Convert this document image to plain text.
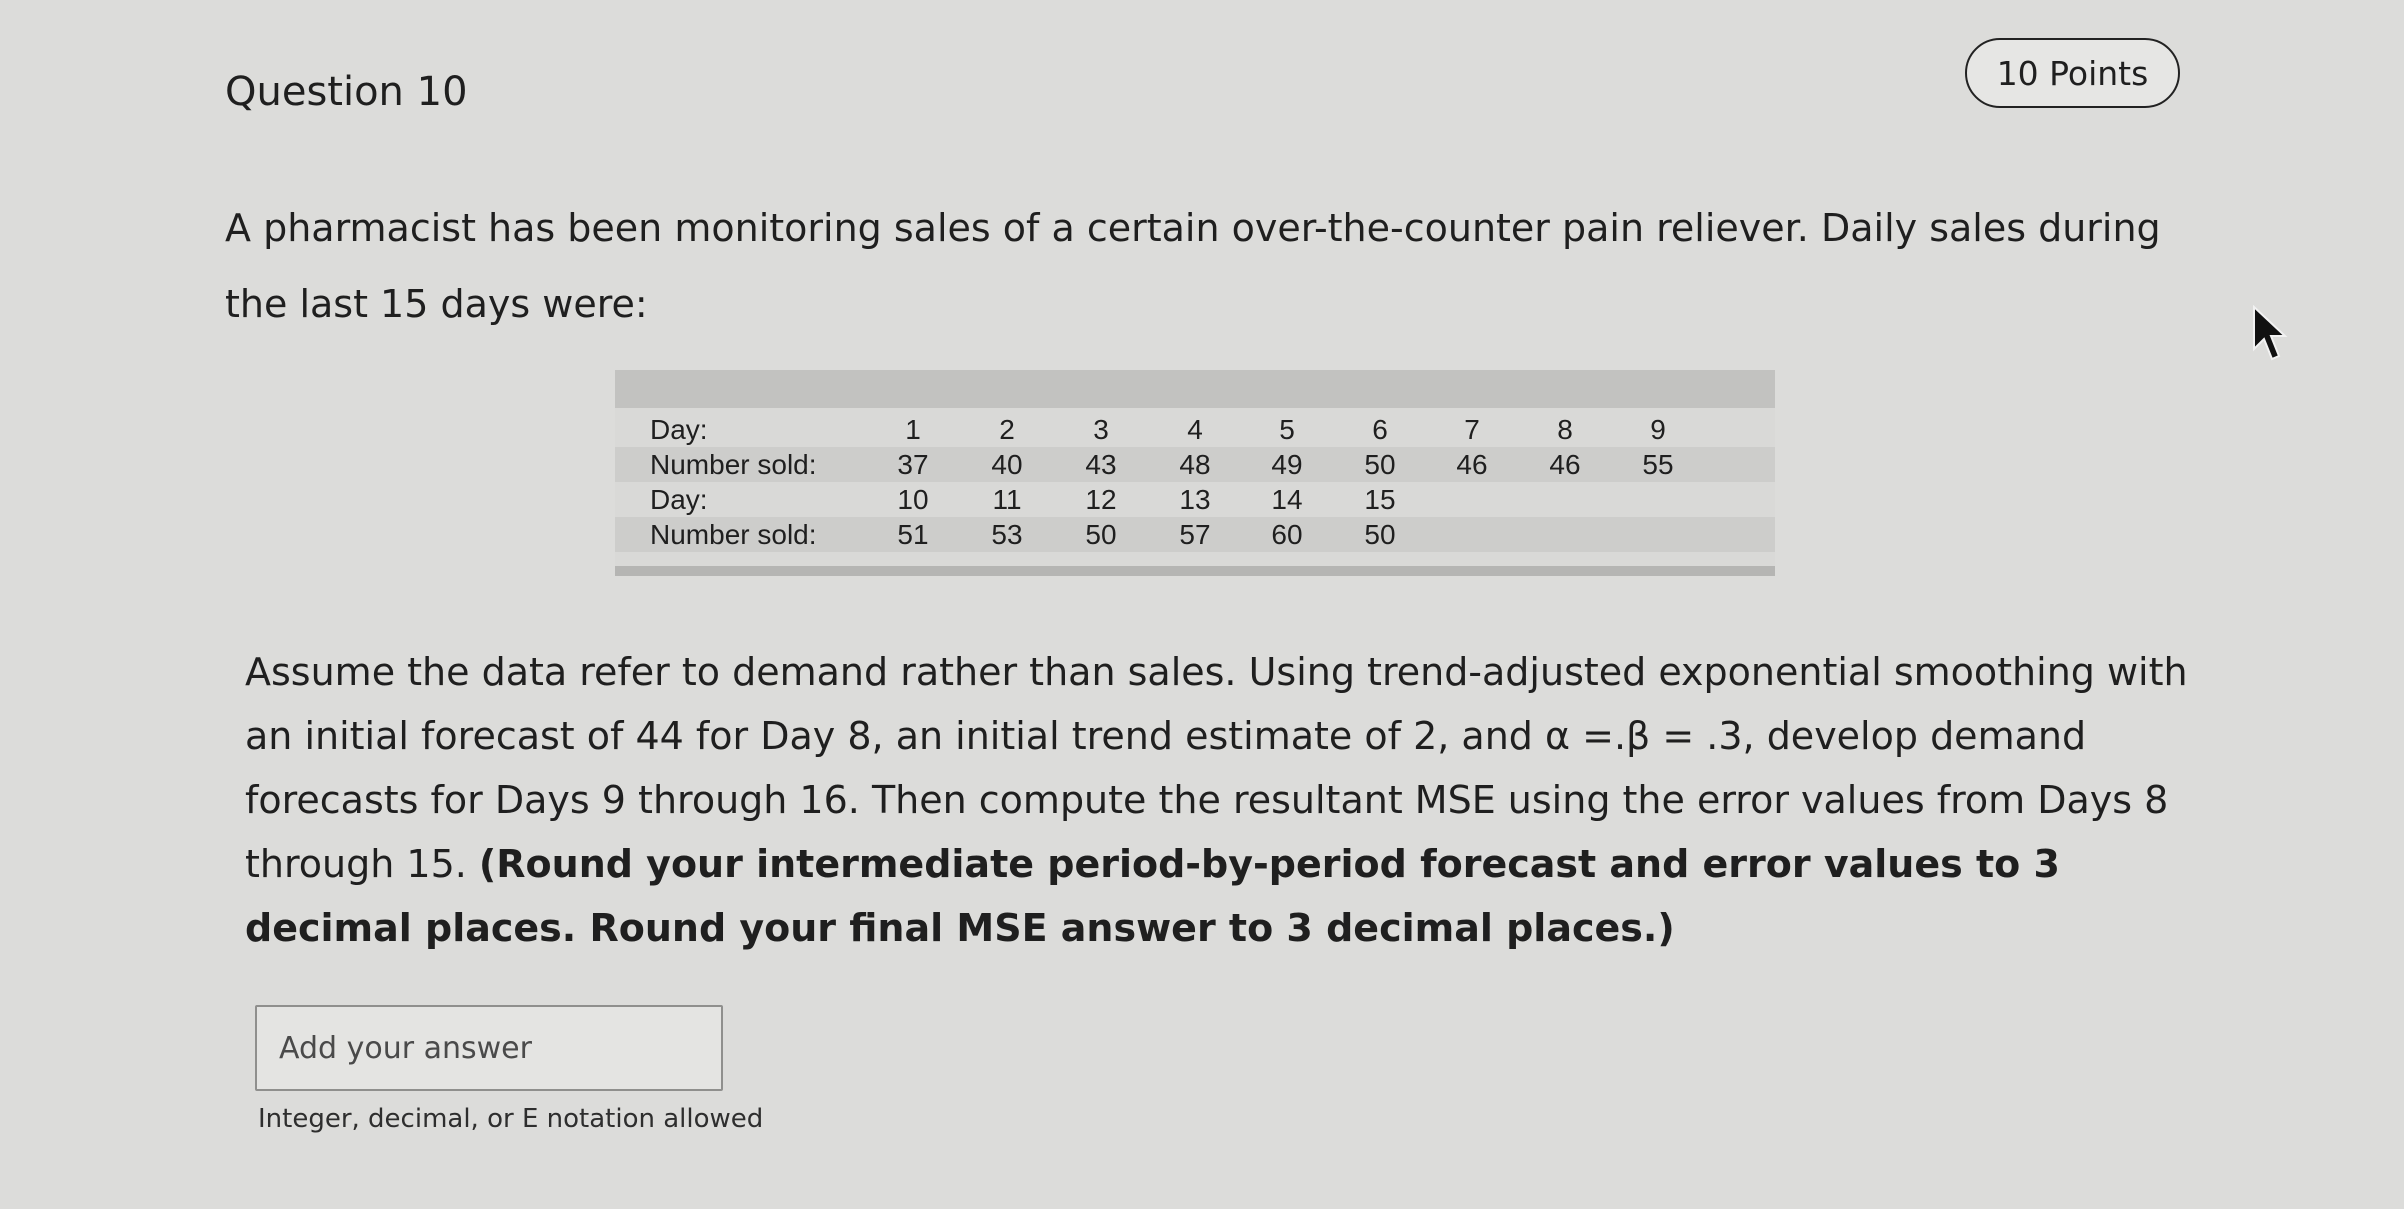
Question 10	10 Points
A pharmacist has been monitoring sales of a certain over-the-counter pain reliever. Daily sales during the last 15 days were:
Day:	1	2	3	4	5	6	7	8	9
Number sold:	37	40	43	48	49	50	46	46	55
Day:	10	11	12	13	14	15
Number sold:	51	53	50	57	60	50
Assume the data refer to demand rather than sales. Using trend-adjusted exponential smoothing with an initial forecast of 44 for Day 8, an initial trend estimate of 2, and α =.β = .3, develop demand forecasts for Days 9 through 16. Then compute the resultant MSE using the error values from Days 8 through 15. (Round your intermediate period-by-period forecast and error values to 3 decimal places. Round your final MSE answer to 3 decimal places.)
Add your answer
Integer, decimal, or E notation allowed
